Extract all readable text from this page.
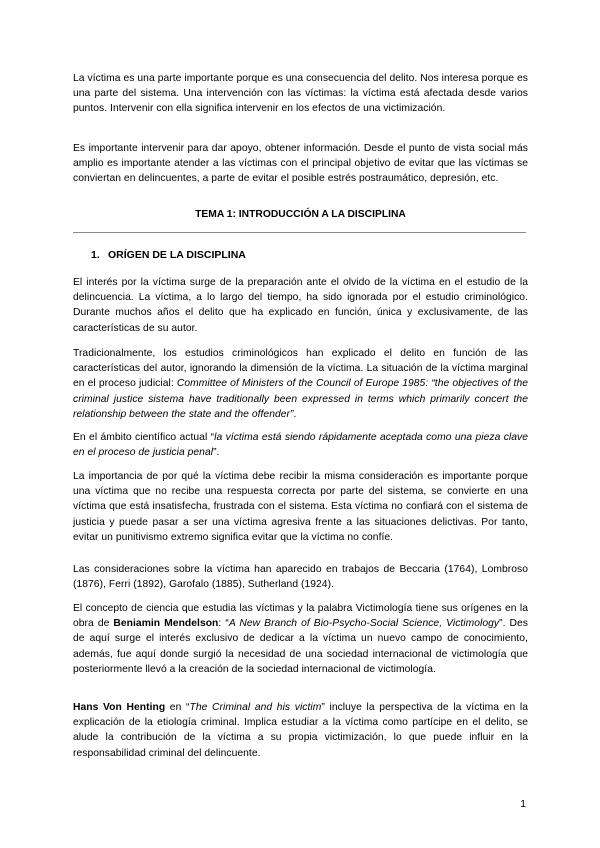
La víctima es una parte importante porque es una consecuencia del delito. Nos interesa porque es una parte del sistema. Una intervención con las víctimas: la víctima está afectada desde varios puntos. Intervenir con ella significa intervenir en los efectos de una victimización.

Es importante intervenir para dar apoyo, obtener información. Desde el punto de vista social más amplio es importante atender a las víctimas con el principal objetivo de evitar que las víctimas se conviertan en delincuentes, a parte de evitar el posible estrés postraumático, depresión, etc.

TEMA 1: INTRODUCCIÓN A LA DISCIPLINA

1. ORÍGEN DE LA DISCIPLINA

El interés por la víctima surge de la preparación ante el olvido de la víctima en el estudio de la delincuencia. La víctima, a lo largo del tiempo, ha sido ignorada por el estudio criminológico. Durante muchos años el delito que ha explicado en función, única y exclusivamente, de las características de su autor.

Tradicionalmente, los estudios criminológicos han explicado el delito en función de las características del autor, ignorando la dimensión de la víctima. La situación de la víctima marginal en el proceso judicial: Committee of Ministers of the Council of Europe 1985: “the objectives of the criminal justice sistema have traditionally been expressed in terms which primarily concert the relationship between the state and the offender”.

En el ámbito científico actual “la víctima está siendo rápidamente aceptada como una pieza clave en el proceso de justicia penal”.

La importancia de por qué la víctima debe recibir la misma consideración es importante porque una víctima que no recibe una respuesta correcta por parte del sistema, se convierte en una víctima que está insatisfecha, frustrada con el sistema. Esta víctima no confiará con el sistema de justicia y puede pasar a ser una víctima agresiva frente a las situaciones delictivas. Por tanto, evitar un punitivismo extremo significa evitar que la víctima no confíe.

Las consideraciones sobre la víctima han aparecido en trabajos de Beccaria (1764), Lombroso (1876), Ferri (1892), Garofalo (1885), Sutherland (1924).

El concepto de ciencia que estudia las víctimas y la palabra Victimología tiene sus orígenes en la obra de Beniamin Mendelson: “A New Branch of Bio-Psycho-Social Science, Victimology”. Des de aquí surge el interés exclusivo de dedicar a la víctima un nuevo campo de conocimiento, además, fue aquí donde surgió la necesidad de una sociedad internacional de victimología que posteriormente llevó a la creación de la sociedad internacional de victimología.

Hans Von Henting en “The Criminal and his victim” incluye la perspectiva de la víctima en la explicación de la etiología criminal. Implica estudiar a la víctima como partícipe en el delito, se alude la contribución de la víctima a su propia victimización, lo que puede influir en la responsabilidad criminal del delincuente.

1
